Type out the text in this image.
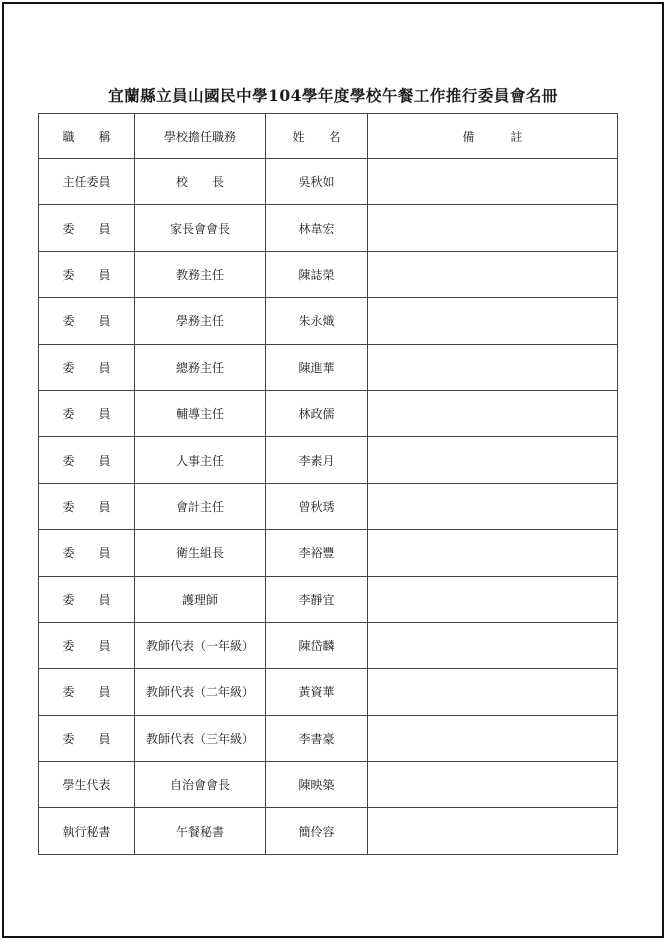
宜蘭縣立員山國民中學104學年度學校午餐工作推行委員會名冊
職　　稱	學校擔任職務	姓　　名	備　　　註
主任委員	校　　長	吳秋如	
委　　員	家長會會長	林韋宏	
委　　員	教務主任	陳誌榮	
委　　員	學務主任	朱永熾	
委　　員	總務主任	陳進華	
委　　員	輔導主任	林政儒	
委　　員	人事主任	李素月	
委　　員	會計主任	曾秋琇	
委　　員	衛生組長	李裕豐	
委　　員	護理師	李靜宜	
委　　員	教師代表（一年級）	陳岱麟	
委　　員	教師代表（二年級）	黃資華	
委　　員	教師代表（三年級）	李書豪	
學生代表	自治會會長	陳映築	
執行秘書	午餐秘書	簡伶容	
